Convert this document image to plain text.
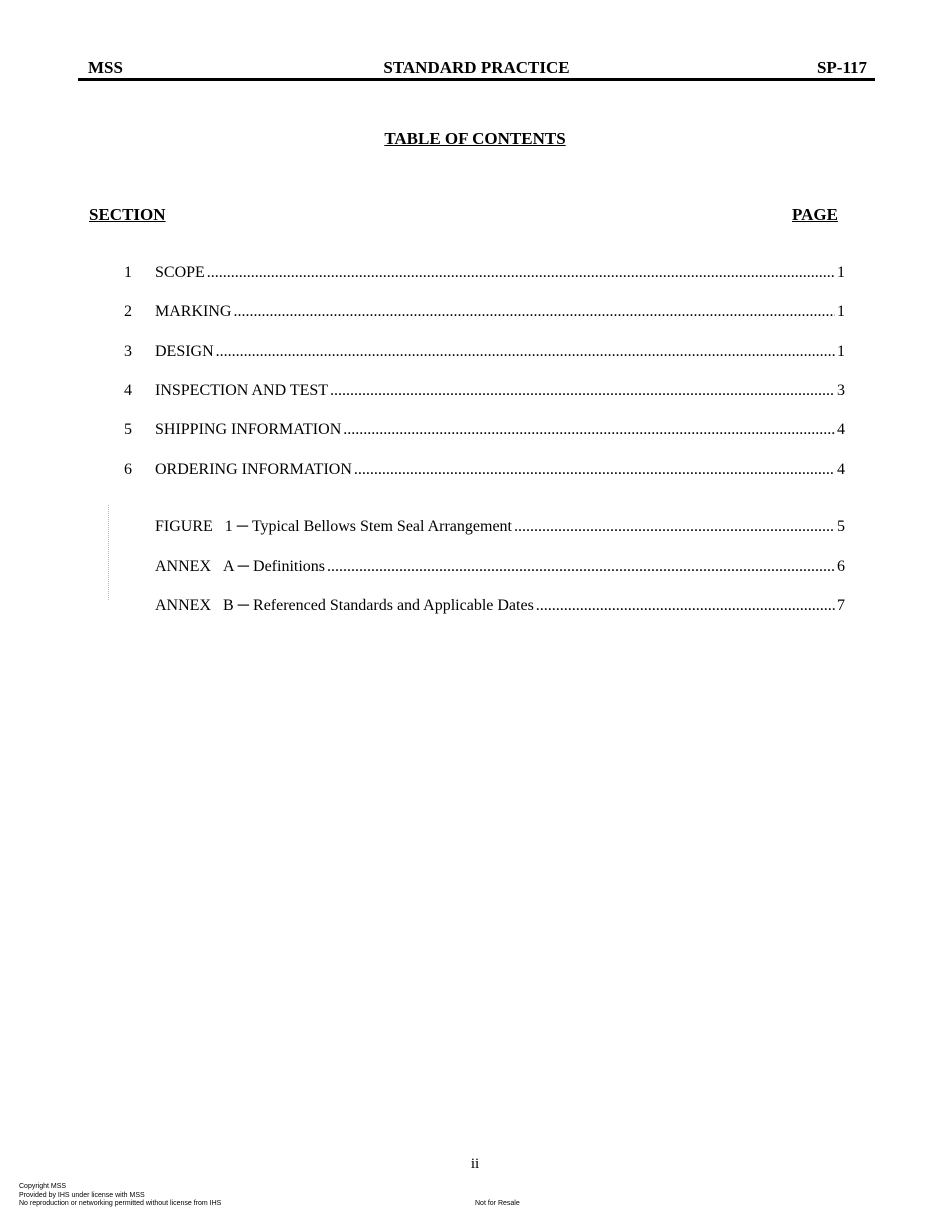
MSS	STANDARD PRACTICE	SP-117
TABLE OF CONTENTS
SECTION	PAGE
1 SCOPE .....	1
2 MARKING .....	1
3 DESIGN .....	1
4 INSPECTION AND TEST .....	3
5 SHIPPING INFORMATION .....	4
6 ORDERING INFORMATION .....	4
FIGURE 1 ─ Typical Bellows Stem Seal Arrangement .....	5
ANNEX A ─ Definitions .....	6
ANNEX B ─ Referenced Standards and Applicable Dates .....	7
ii
Copyright MSS
Provided by IHS under license with MSS
No reproduction or networking permitted without license from IHS	Not for Resale
